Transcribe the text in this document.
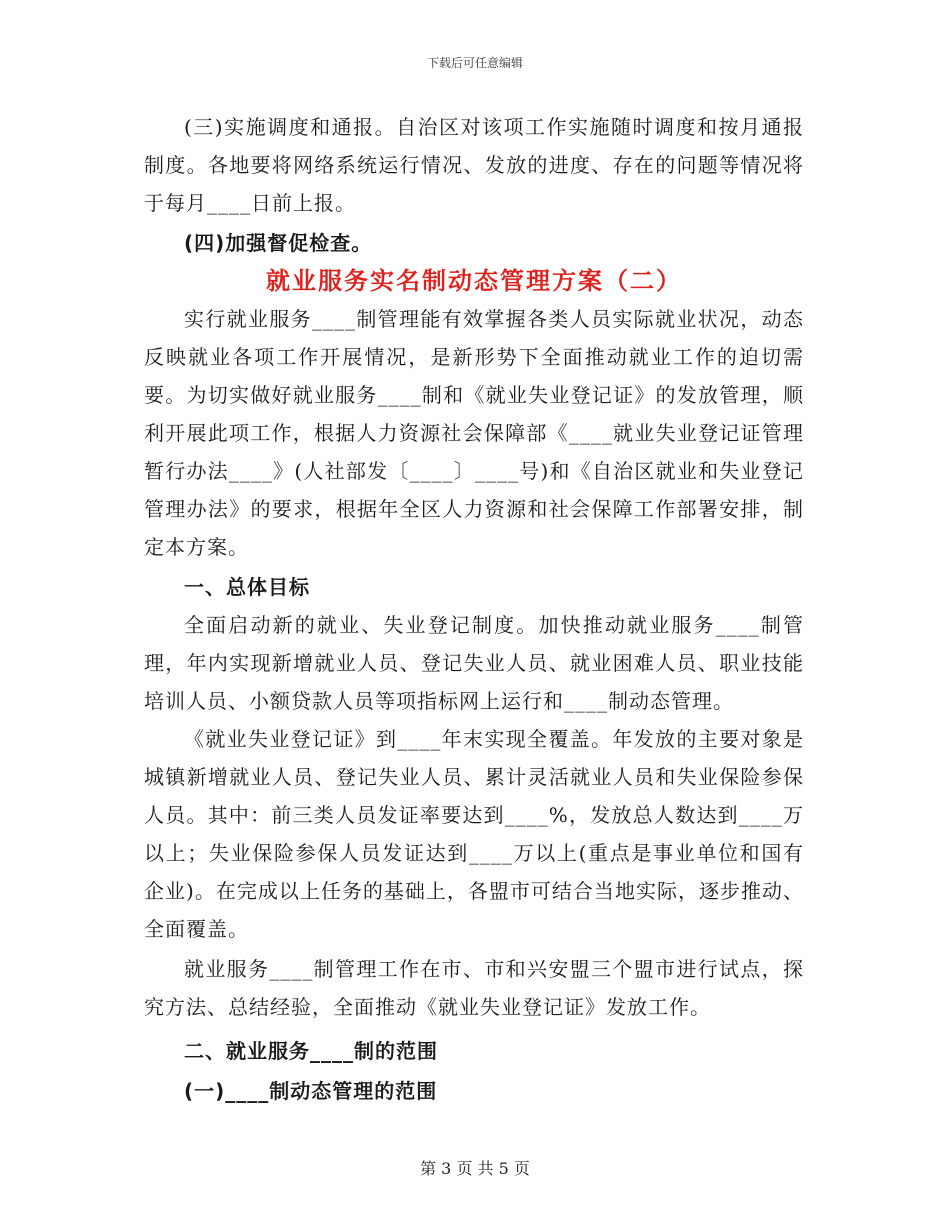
下载后可任意编辑

(三)实施调度和通报。自治区对该项工作实施随时调度和按月通报制度。各地要将网络系统运行情况、发放的进度、存在的问题等情况将于每月____日前上报。

(四)加强督促检查。

就业服务实名制动态管理方案（二）

实行就业服务____制管理能有效掌握各类人员实际就业状况，动态反映就业各项工作开展情况，是新形势下全面推动就业工作的迫切需要。为切实做好就业服务____制和《就业失业登记证》的发放管理，顺利开展此项工作，根据人力资源社会保障部《____就业失业登记证管理暂行办法____》(人社部发〔____〕____号)和《自治区就业和失业登记管理办法》的要求，根据年全区人力资源和社会保障工作部署安排，制定本方案。

一、总体目标

全面启动新的就业、失业登记制度。加快推动就业服务____制管理，年内实现新增就业人员、登记失业人员、就业困难人员、职业技能培训人员、小额贷款人员等项指标网上运行和____制动态管理。

《就业失业登记证》到____年末实现全覆盖。年发放的主要对象是城镇新增就业人员、登记失业人员、累计灵活就业人员和失业保险参保人员。其中：前三类人员发证率要达到____%，发放总人数达到____万以上；失业保险参保人员发证达到____万以上(重点是事业单位和国有企业)。在完成以上任务的基础上，各盟市可结合当地实际，逐步推动、全面覆盖。

就业服务____制管理工作在市、市和兴安盟三个盟市进行试点，探究方法、总结经验，全面推动《就业失业登记证》发放工作。

二、就业服务____制的范围

(一)____制动态管理的范围

第 3 页 共 5 页
